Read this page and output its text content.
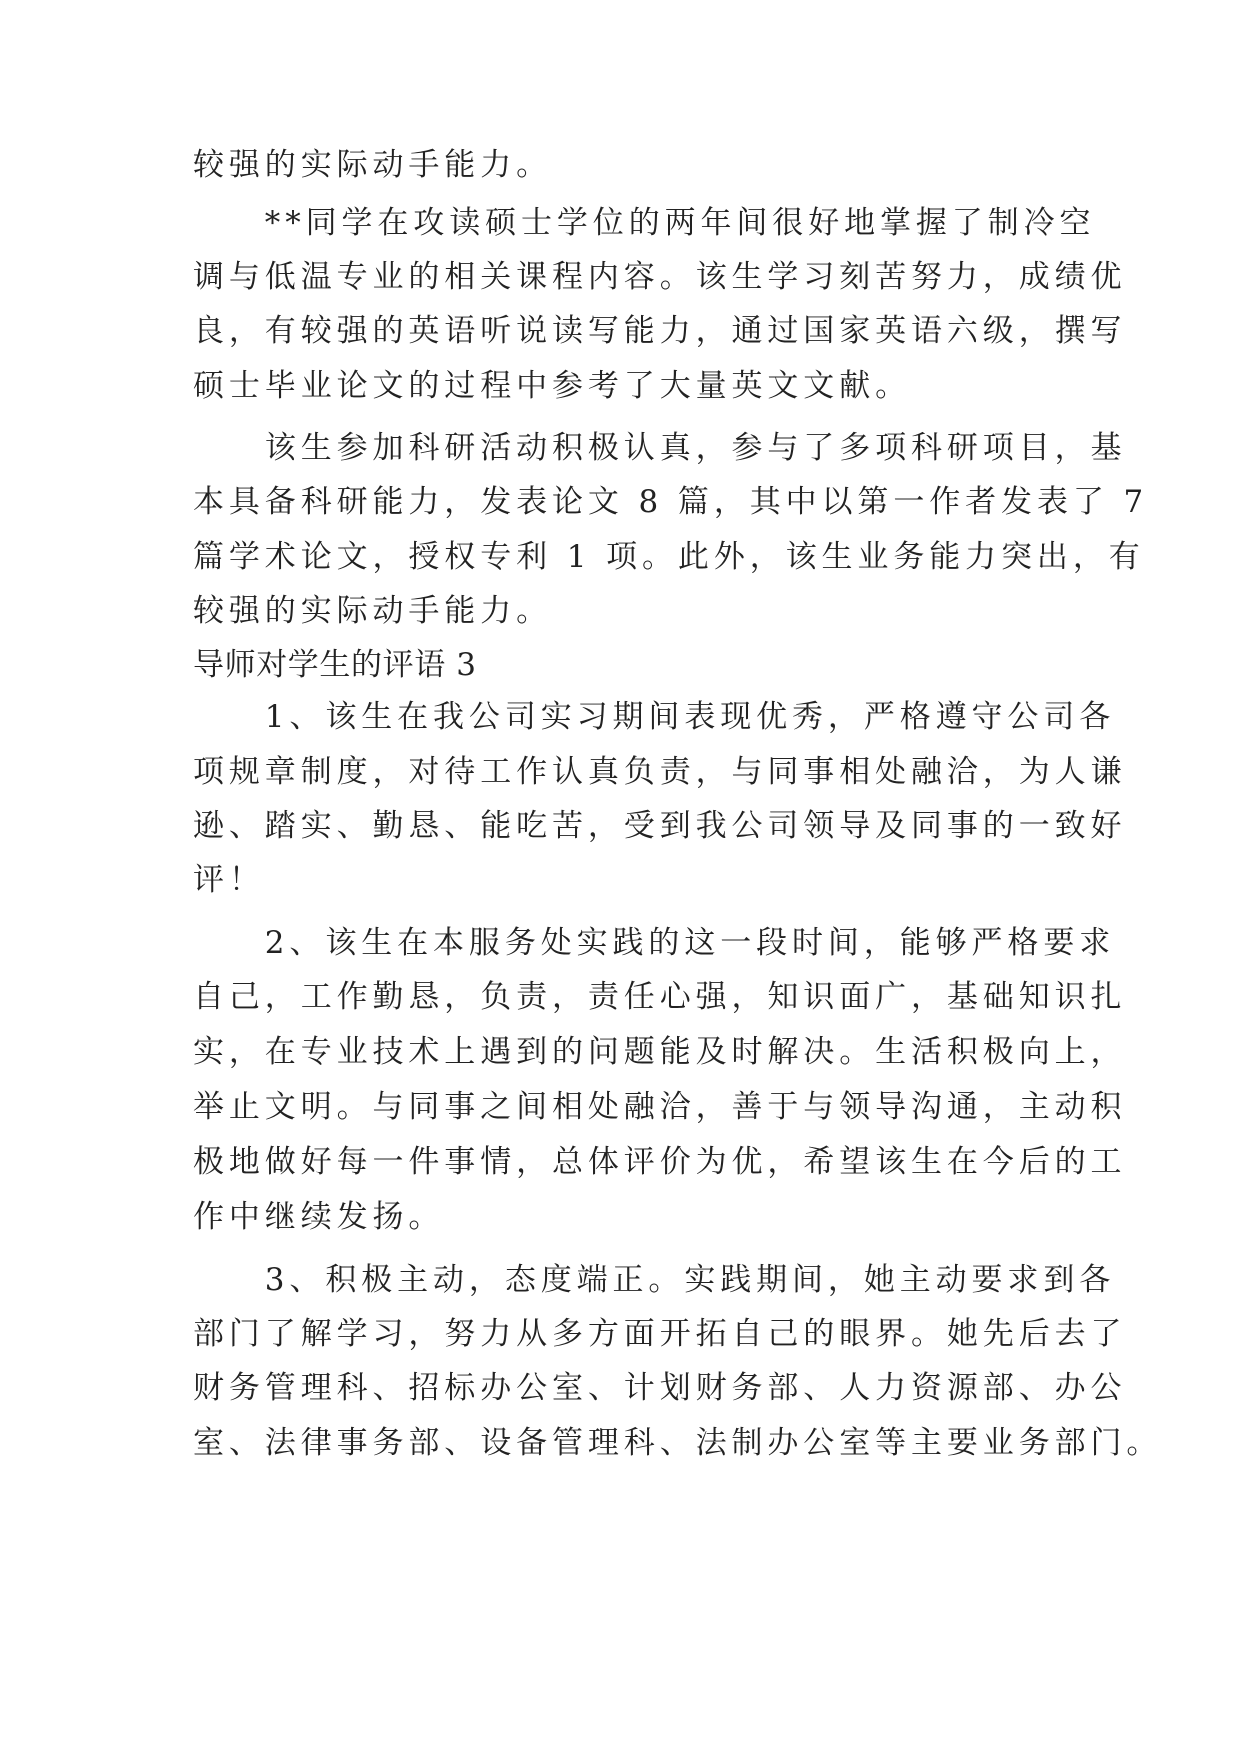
较强的实际动手能力。
　　**同学在攻读硕士学位的两年间很好地掌握了制冷空
调与低温专业的相关课程内容。该生学习刻苦努力，成绩优
良，有较强的英语听说读写能力，通过国家英语六级，撰写
硕士毕业论文的过程中参考了大量英文文献。
　　该生参加科研活动积极认真，参与了多项科研项目，基
本具备科研能力，发表论文 8 篇，其中以第一作者发表了 7
篇学术论文，授权专利 1 项。此外，该生业务能力突出，有
较强的实际动手能力。
导师对学生的评语 3
　　1、该生在我公司实习期间表现优秀，严格遵守公司各
项规章制度，对待工作认真负责，与同事相处融洽，为人谦
逊、踏实、勤恳、能吃苦，受到我公司领导及同事的一致好
评！
　　2、该生在本服务处实践的这一段时间，能够严格要求
自己，工作勤恳，负责，责任心强，知识面广，基础知识扎
实，在专业技术上遇到的问题能及时解决。生活积极向上，
举止文明。与同事之间相处融洽，善于与领导沟通，主动积
极地做好每一件事情，总体评价为优，希望该生在今后的工
作中继续发扬。
　　3、积极主动，态度端正。实践期间，她主动要求到各
部门了解学习，努力从多方面开拓自己的眼界。她先后去了
财务管理科、招标办公室、计划财务部、人力资源部、办公
室、法律事务部、设备管理科、法制办公室等主要业务部门。
